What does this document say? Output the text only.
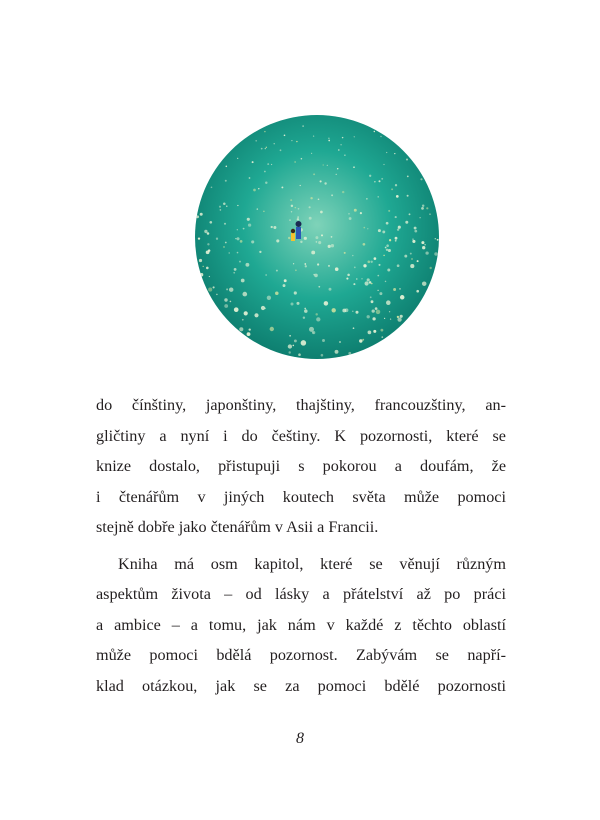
do čínštiny, japonštiny, thajštiny, francouzštiny, an-
gličtiny a nyní i do češtiny. K pozornosti, které se
knize dostalo, přistupuji s pokorou a doufám, že
i čtenářům v jiných koutech světa může pomoci
stejně dobře jako čtenářům v Asii a Francii.
Kniha má osm kapitol, které se věnují různým
aspektům života – od lásky a přátelství až po práci
a ambice – a tomu, jak nám v každé z těchto oblastí
může pomoci bdělá pozornost. Zabývám se napří-
klad otázkou, jak se za pomoci bdělé pozornosti
8
